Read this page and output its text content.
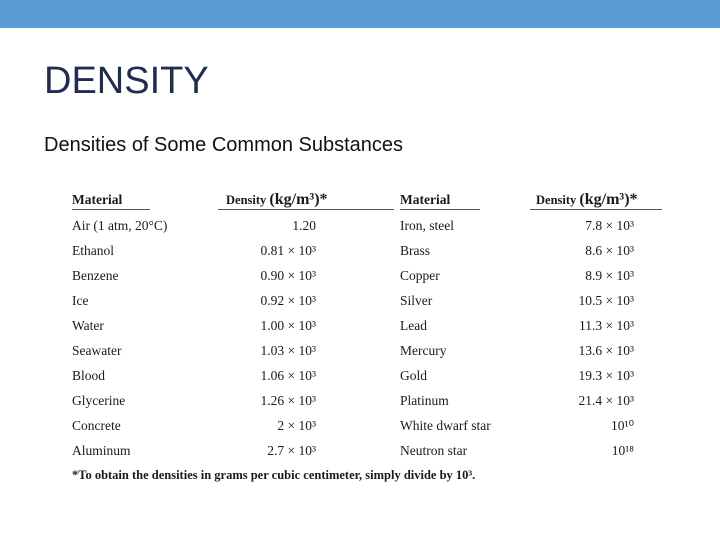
DENSITY
Densities of Some Common Substances
Material	Density (kg/m³)*	Material	Density (kg/m³)*
Air (1 atm, 20°C)	1.20	Iron, steel	7.8 × 10³
Ethanol	0.81 × 10³	Brass	8.6 × 10³
Benzene	0.90 × 10³	Copper	8.9 × 10³
Ice	0.92 × 10³	Silver	10.5 × 10³
Water	1.00 × 10³	Lead	11.3 × 10³
Seawater	1.03 × 10³	Mercury	13.6 × 10³
Blood	1.06 × 10³	Gold	19.3 × 10³
Glycerine	1.26 × 10³	Platinum	21.4 × 10³
Concrete	2 × 10³	White dwarf star	10¹⁰
Aluminum	2.7 × 10³	Neutron star	10¹⁸
*To obtain the densities in grams per cubic centimeter, simply divide by 10³.
